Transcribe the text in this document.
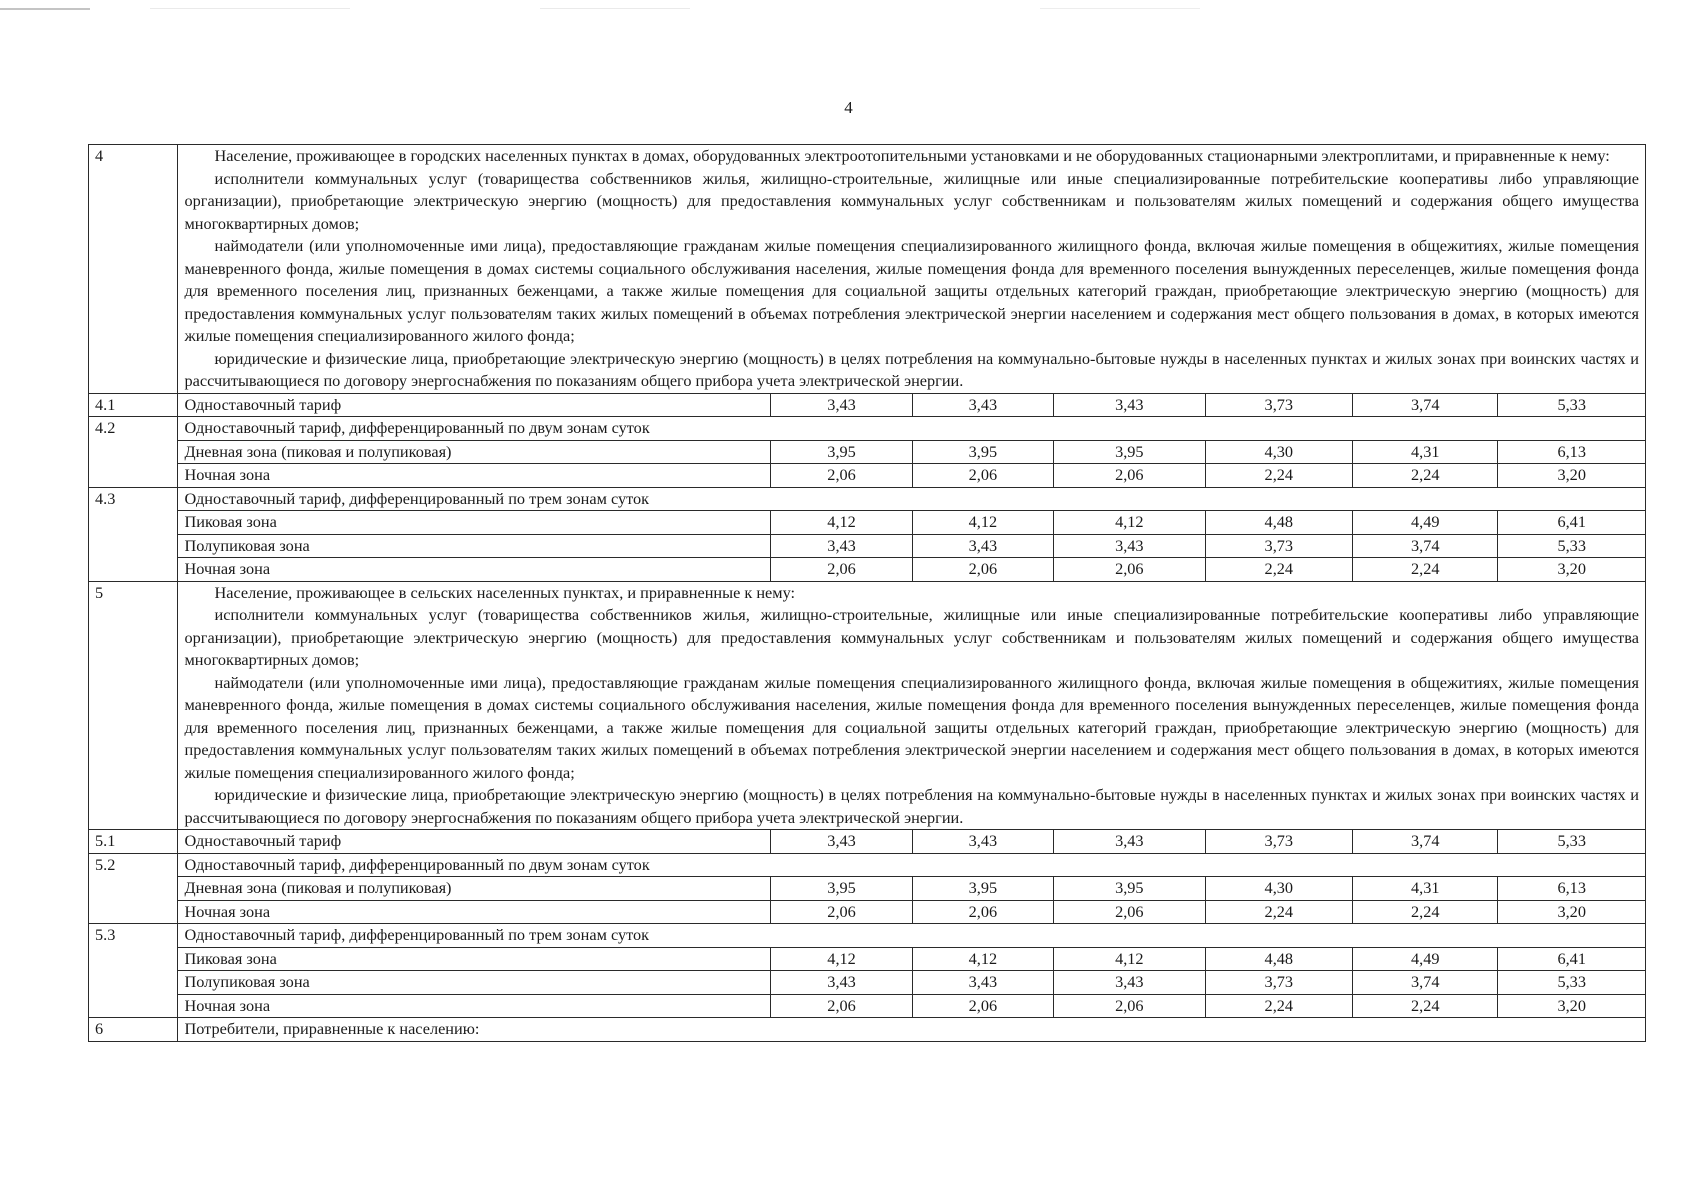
4
4	Население, проживающее в городских населенных пунктах в домах, оборудованных электроотопительными установками и не оборудованных стационарными электроплитами, и приравненные к нему:

исполнители коммунальных услуг (товарищества собственников жилья, жилищно-строительные, жилищные или иные специализированные потребительские кооперативы либо управляющие организации), приобретающие электрическую энергию (мощность) для предоставления коммунальных услуг собственникам и пользователям жилых помещений и содержания общего имущества многоквартирных домов;

наймодатели (или уполномоченные ими лица), предоставляющие гражданам жилые помещения специализированного жилищного фонда, включая жилые помещения в общежитиях, жилые помещения маневренного фонда, жилые помещения в домах системы социального обслуживания населения, жилые помещения фонда для временного поселения вынужденных переселенцев, жилые помещения фонда для временного поселения лиц, признанных беженцами, а также жилые помещения для социальной защиты отдельных категорий граждан, приобретающие электрическую энергию (мощность) для предоставления коммунальных услуг пользователям таких жилых помещений в объемах потребления электрической энергии населением и содержания мест общего пользования в домах, в которых имеются жилые помещения специализированного жилого фонда;

юридические и физические лица, приобретающие электрическую энергию (мощность) в целях потребления на коммунально-бытовые нужды в населенных пунктах и жилых зонах при воинских частях и рассчитывающиеся по договору энергоснабжения по показаниям общего прибора учета электрической энергии.						

4.1	Одноставочный тариф	3,43	3,43	3,43	3,73	3,74	5,33
4.2	Одноставочный тариф, дифференцированный по двум зонам суток						
	Дневная зона (пиковая и полупиковая)	3,95	3,95	3,95	4,30	4,31	6,13
	Ночная зона	2,06	2,06	2,06	2,24	2,24	3,20
4.3	Одноставочный тариф, дифференцированный по трем зонам суток						
	Пиковая зона	4,12	4,12	4,12	4,48	4,49	6,41
	Полупиковая зона	3,43	3,43	3,43	3,73	3,74	5,33
	Ночная зона	2,06	2,06	2,06	2,24	2,24	3,20
5	Население, проживающее в сельских населенных пунктах, и приравненные к нему:

исполнители коммунальных услуг (товарищества собственников жилья, жилищно-строительные, жилищные или иные специализированные потребительские кооперативы либо управляющие организации), приобретающие электрическую энергию (мощность) для предоставления коммунальных услуг собственникам и пользователям жилых помещений и содержания общего имущества многоквартирных домов;

наймодатели (или уполномоченные ими лица), предоставляющие гражданам жилые помещения специализированного жилищного фонда, включая жилые помещения в общежитиях, жилые помещения маневренного фонда, жилые помещения в домах системы социального обслуживания населения, жилые помещения фонда для временного поселения вынужденных переселенцев, жилые помещения фонда для временного поселения лиц, признанных беженцами, а также жилые помещения для социальной защиты отдельных категорий граждан, приобретающие электрическую энергию (мощность) для предоставления коммунальных услуг пользователям таких жилых помещений в объемах потребления электрической энергии населением и содержания мест общего пользования в домах, в которых имеются жилые помещения специализированного жилого фонда;

юридические и физические лица, приобретающие электрическую энергию (мощность) в целях потребления на коммунально-бытовые нужды в населенных пунктах и жилых зонах при воинских частях и рассчитывающиеся по договору энергоснабжения по показаниям общего прибора учета электрической энергии.						

5.1	Одноставочный тариф	3,43	3,43	3,43	3,73	3,74	5,33
5.2	Одноставочный тариф, дифференцированный по двум зонам суток						
	Дневная зона (пиковая и полупиковая)	3,95	3,95	3,95	4,30	4,31	6,13
	Ночная зона	2,06	2,06	2,06	2,24	2,24	3,20
5.3	Одноставочный тариф, дифференцированный по трем зонам суток						
	Пиковая зона	4,12	4,12	4,12	4,48	4,49	6,41
	Полупиковая зона	3,43	3,43	3,43	3,73	3,74	5,33
	Ночная зона	2,06	2,06	2,06	2,24	2,24	3,20
6	Потребители, приравненные к населению:						
